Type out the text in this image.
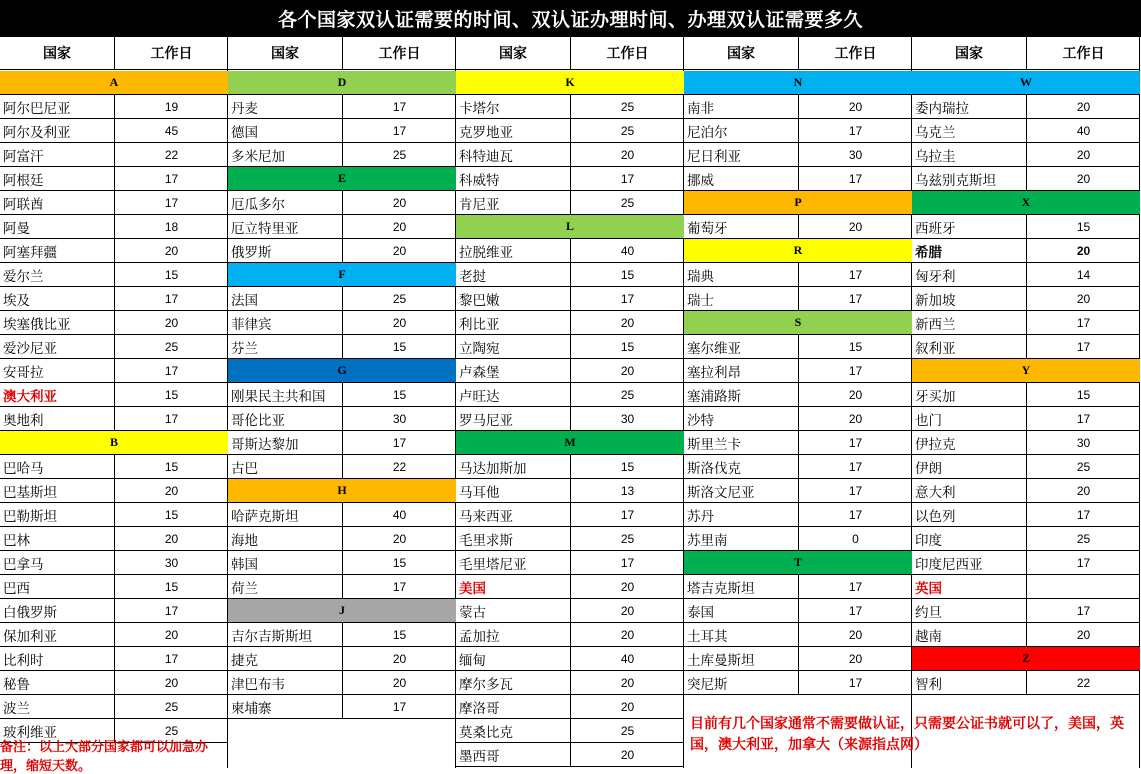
各个国家双认证需要的时间、双认证办理时间、办理双认证需要多久
国家	工作日
A
阿尔巴尼亚	19
阿尔及利亚	45
阿富汗	22
阿根廷	17
阿联酋	17
阿曼	18
阿塞拜疆	20
爱尔兰	15
埃及	17
埃塞俄比亚	20
爱沙尼亚	25
安哥拉	17
澳大利亚	15
奥地利	17
B
巴哈马	15
巴基斯坦	20
巴勒斯坦	15
巴林	20
巴拿马	30
巴西	15
白俄罗斯	17
保加利亚	20
比利时	17
秘鲁	20
波兰	25
玻利维亚	25
国家	工作日
D
丹麦	17
德国	17
多米尼加	25
E
厄瓜多尔	20
厄立特里亚	20
俄罗斯	20
F
法国	25
菲律宾	20
芬兰	15
G
刚果民主共和国	15
哥伦比亚	30
哥斯达黎加	17
古巴	22
H
哈萨克斯坦	40
海地	20
韩国	15
荷兰	17
J
吉尔吉斯斯坦	15
捷克	20
津巴布韦	20
柬埔寨	17
国家	工作日
K
卡塔尔	25
克罗地亚	25
科特迪瓦	20
科威特	17
肯尼亚	25
L
拉脱维亚	40
老挝	15
黎巴嫩	17
利比亚	20
立陶宛	15
卢森堡	20
卢旺达	25
罗马尼亚	30
M
马达加斯加	15
马耳他	13
马来西亚	17
毛里求斯	25
毛里塔尼亚	17
美国	20
蒙古	20
孟加拉	20
缅甸	40
摩尔多瓦	20
摩洛哥	20
莫桑比克	25
墨西哥	20
国家	工作日
N
南非	20
尼泊尔	17
尼日利亚	30
挪威	17
P
葡萄牙	20
R
瑞典	17
瑞士	17
S
塞尔维亚	15
塞拉利昂	17
塞浦路斯	20
沙特	20
斯里兰卡	17
斯洛伐克	17
斯洛文尼亚	17
苏丹	17
苏里南	0
T
塔吉克斯坦	17
泰国	17
土耳其	20
土库曼斯坦	20
突尼斯	17
国家	工作日
W
委内瑞拉	20
乌克兰	40
乌拉圭	20
乌兹别克斯坦	20
X
西班牙	15
希腊	20
匈牙利	14
新加坡	20
新西兰	17
叙利亚	17
Y
牙买加	15
也门	17
伊拉克	30
伊朗	25
意大利	20
以色列	17
印度	25
印度尼西亚	17
英国
约旦	17
越南	20
Z
智利	22
备注：以上大部分国家都可以加急办理，缩短天数。
目前有几个国家通常不需要做认证，只需要公证书就可以了，美国，英国，澳大利亚，加拿大（来源指点网）
